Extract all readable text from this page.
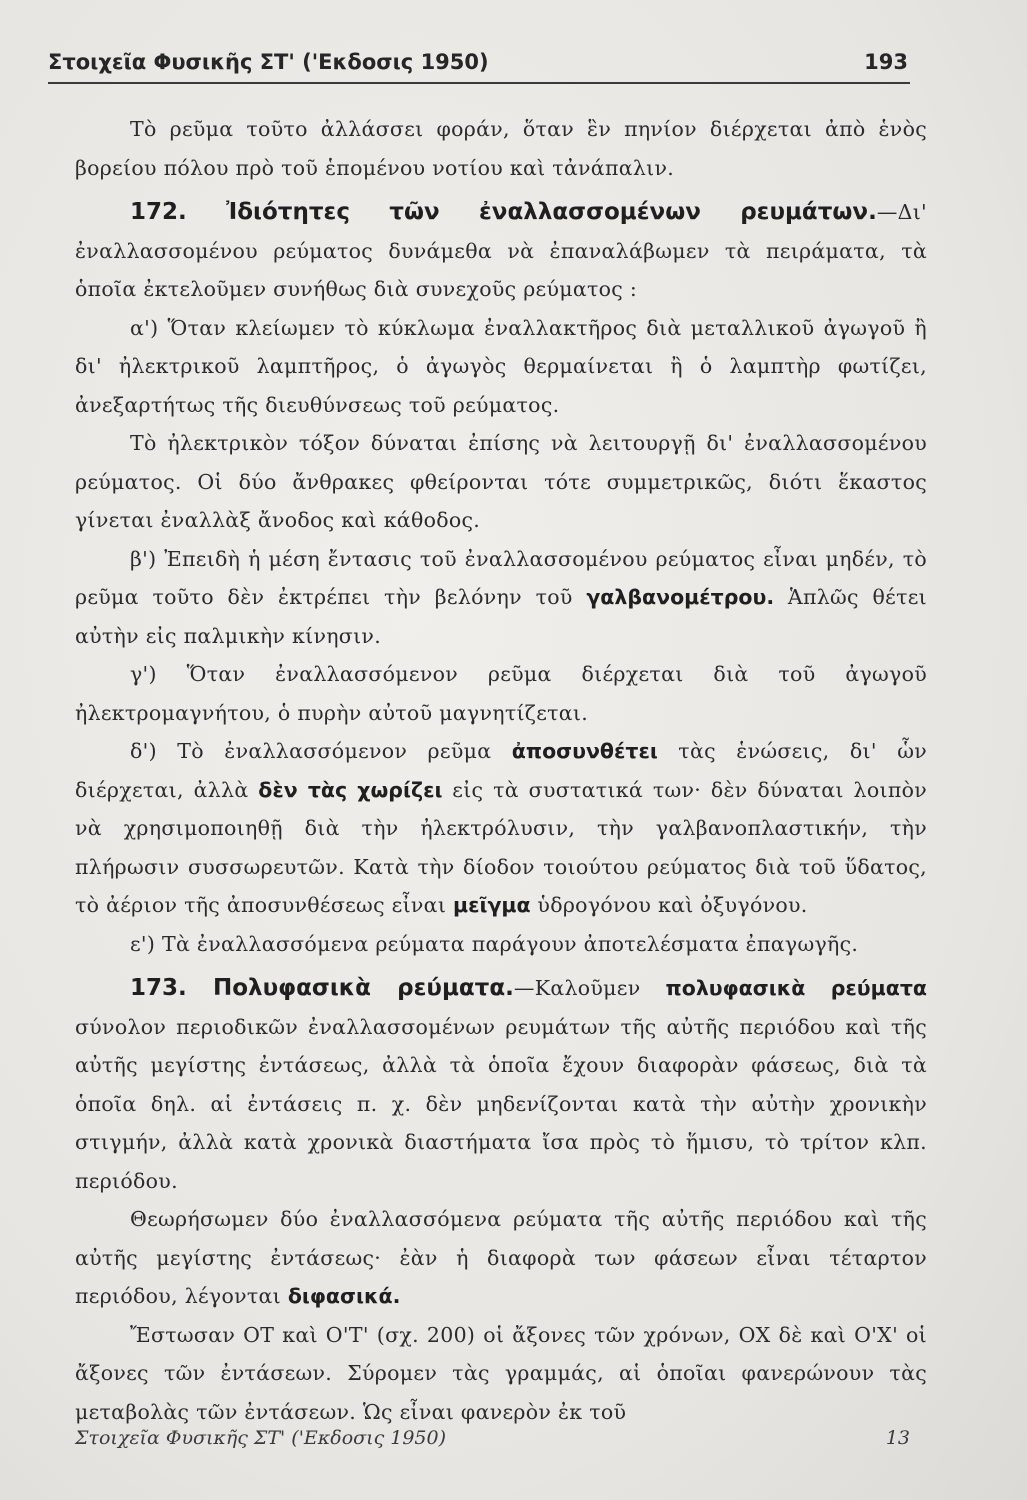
Στοιχεῖα Φυσικῆς ΣΤ' ('Εκδοσις 1950)	193

Τὸ ρεῦμα τοῦτο ἀλλάσσει φοράν, ὅταν ἓν πηνίον διέρχεται ἀπὸ ἑνὸς βορείου πόλου πρὸ τοῦ ἑπομένου νοτίου καὶ τἀνάπαλιν.

172. Ἰδιότητες τῶν ἐναλλασσομένων ρευμάτων.—Δι' ἐναλλασσομένου ρεύματος δυνάμεθα νὰ ἐπαναλάβωμεν τὰ πειράματα, τὰ ὁποῖα ἐκτελοῦμεν συνήθως διὰ συνεχοῦς ρεύματος :

α') Ὅταν κλείωμεν τὸ κύκλωμα ἐναλλακτῆρος διὰ μεταλλικοῦ ἀγωγοῦ ἢ δι' ἠλεκτρικοῦ λαμπτῆρος, ὁ ἀγωγὸς θερμαίνεται ἢ ὁ λαμπτὴρ φωτίζει, ἀνεξαρτήτως τῆς διευθύνσεως τοῦ ρεύματος.

Τὸ ἠλεκτρικὸν τόξον δύναται ἐπίσης νὰ λειτουργῇ δι' ἐναλλασσομένου ρεύματος. Οἱ δύο ἄνθρακες φθείρονται τότε συμμετρικῶς, διότι ἕκαστος γίνεται ἐναλλὰξ ἄνοδος καὶ κάθοδος.

β') Ἐπειδὴ ἡ μέση ἔντασις τοῦ ἐναλλασσομένου ρεύματος εἶναι μηδέν, τὸ ρεῦμα τοῦτο δὲν ἐκτρέπει τὴν βελόνην τοῦ γαλβανομέτρου. Ἁπλῶς θέτει αὐτὴν εἰς παλμικὴν κίνησιν.

γ') Ὅταν ἐναλλασσόμενον ρεῦμα διέρχεται διὰ τοῦ ἀγωγοῦ ἠλεκτρομαγνήτου, ὁ πυρὴν αὐτοῦ μαγνητίζεται.

δ') Τὸ ἐναλλασσόμενον ρεῦμα ἀποσυνθέτει τὰς ἑνώσεις, δι' ὧν διέρχεται, ἀλλὰ δὲν τὰς χωρίζει εἰς τὰ συστατικά των· δὲν δύναται λοιπὸν νὰ χρησιμοποιηθῇ διὰ τὴν ἠλεκτρόλυσιν, τὴν γαλβανοπλαστικήν, τὴν πλήρωσιν συσσωρευτῶν. Κατὰ τὴν δίοδον τοιούτου ρεύματος διὰ τοῦ ὕδατος, τὸ ἀέριον τῆς ἀποσυνθέσεως εἶναι μεῖγμα ὑδρογόνου καὶ ὀξυγόνου.

ε') Τὰ ἐναλλασσόμενα ρεύματα παράγουν ἀποτελέσματα ἐπαγωγῆς.

173. Πολυφασικὰ ρεύματα.—Καλοῦμεν πολυφασικὰ ρεύματα σύνολον περιοδικῶν ἐναλλασσομένων ρευμάτων τῆς αὐτῆς περιόδου καὶ τῆς αὐτῆς μεγίστης ἐντάσεως, ἀλλὰ τὰ ὁποῖα ἔχουν διαφορὰν φάσεως, διὰ τὰ ὁποῖα δηλ. αἱ ἐντάσεις π. χ. δὲν μηδενίζονται κατὰ τὴν αὐτὴν χρονικὴν στιγμήν, ἀλλὰ κατὰ χρονικὰ διαστήματα ἴσα πρὸς τὸ ἥμισυ, τὸ τρίτον κλπ. περιόδου.

Θεωρήσωμεν δύο ἐναλλασσόμενα ρεύματα τῆς αὐτῆς περιόδου καὶ τῆς αὐτῆς μεγίστης ἐντάσεως· ἐὰν ἡ διαφορὰ των φάσεων εἶναι τέταρτον περιόδου, λέγονται διφασικά.

Ἔστωσαν ΟΤ καὶ Ο'Τ' (σχ. 200) οἱ ἄξονες τῶν χρόνων, ΟΧ δὲ καὶ Ο'Χ' οἱ ἄξονες τῶν ἐντάσεων. Σύρομεν τὰς γραμμάς, αἱ ὁποῖαι φανερώνουν τὰς μεταβολὰς τῶν ἐντάσεων. Ὡς εἶναι φανερὸν ἐκ τοῦ

Στοιχεῖα Φυσικῆς ΣΤ' ('Εκδοσις 1950)	13
